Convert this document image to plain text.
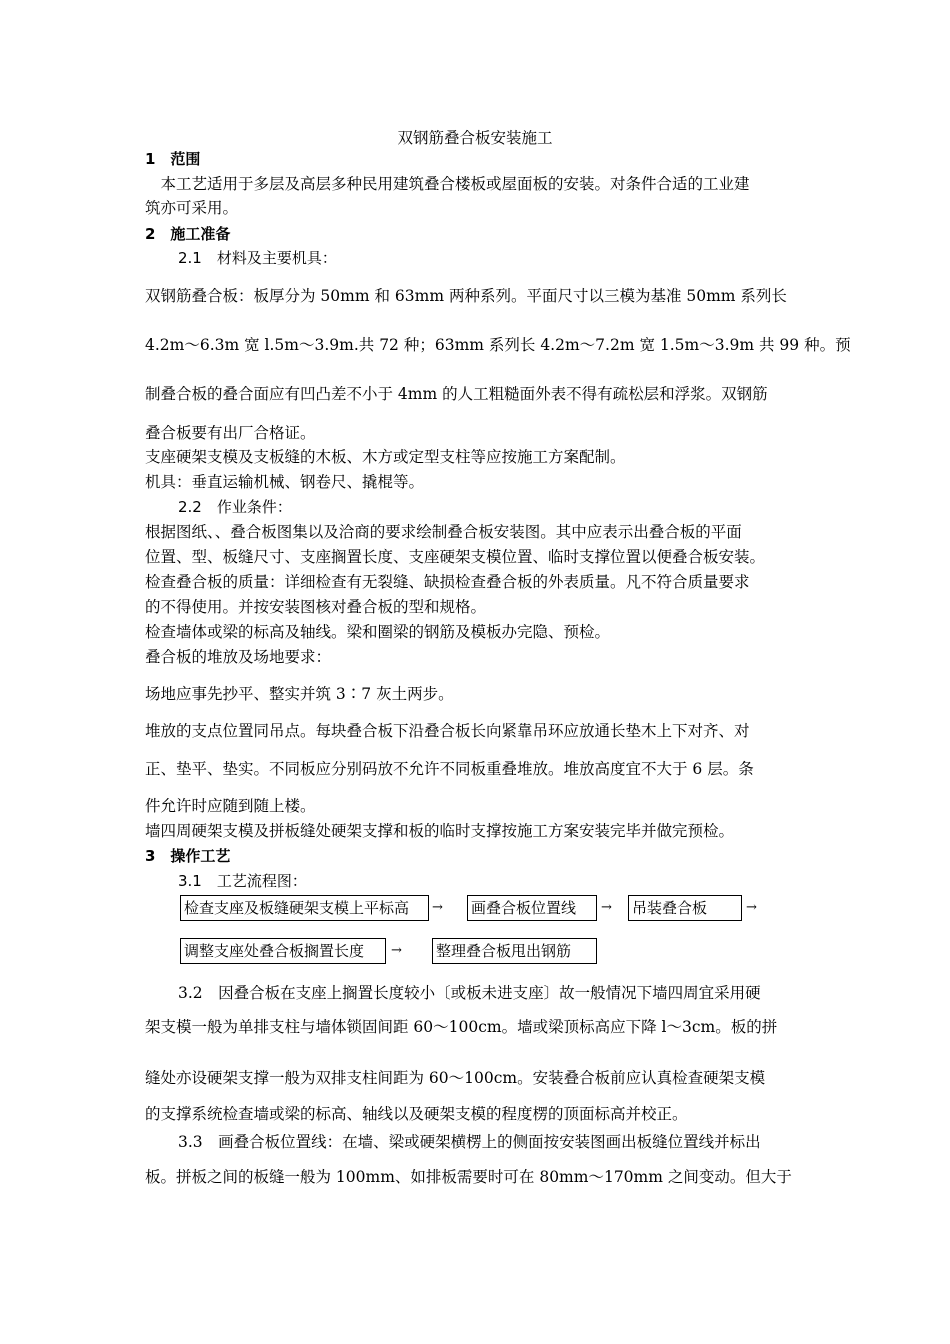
双钢筋叠合板安装施工
1　范围
　本工艺适用于多层及高层多种民用建筑叠合楼板或屋面板的安装。对条件合适的工业建
筑亦可采用。
2　施工准备
2.1　材料及主要机具：
双钢筋叠合板：板厚分为 50mm 和 63mm 两种系列。平面尺寸以三模为基准 50mm 系列长
4.2m～6.3m 宽 l.5m～3.9m.共 72 种；63mm 系列长 4.2m～7.2m 宽 1.5m～3.9m 共 99 种。预
制叠合板的叠合面应有凹凸差不小于 4mm 的人工粗糙面外表不得有疏松层和浮浆。双钢筋
叠合板要有出厂合格证。
支座硬架支模及支板缝的木板、木方或定型支柱等应按施工方案配制。
机具：垂直运输机械、钢卷尺、撬棍等。
2.2　作业条件：
根据图纸、、叠合板图集以及洽商的要求绘制叠合板安装图。其中应表示出叠合板的平面
位置、型、板缝尺寸、支座搁置长度、支座硬架支模位置、临时支撑位置以便叠合板安装。
检查叠合板的质量：详细检查有无裂缝、缺损检查叠合板的外表质量。凡不符合质量要求
的不得使用。并按安装图核对叠合板的型和规格。
检查墙体或梁的标高及轴线。梁和圈梁的钢筋及模板办完隐、预检。
叠合板的堆放及场地要求：
场地应事先抄平、整实并筑 3∶7 灰土两步。
堆放的支点位置同吊点。每块叠合板下沿叠合板长向紧靠吊环应放通长垫木上下对齐、对
正、垫平、垫实。不同板应分别码放不允许不同板重叠堆放。堆放高度宜不大于 6 层。条
件允许时应随到随上楼。
墙四周硬架支模及拼板缝处硬架支撑和板的临时支撑按施工方案安装完毕并做完预检。
3　操作工艺
3.1　工艺流程图：
检查支座及板缝硬架支模上平标高	→ 画叠合板位置线	→ 吊装叠合板	→
调整支座处叠合板搁置长度	→ 整理叠合板甩出钢筋
3.2　因叠合板在支座上搁置长度较小〔或板未进支座〕故一般情况下墙四周宜采用硬
架支模一般为单排支柱与墙体锁固间距 60～100cm。墙或梁顶标高应下降 l～3cm。板的拼
缝处亦设硬架支撑一般为双排支柱间距为 60～100cm。安装叠合板前应认真检查硬架支模
的支撑系统检查墙或梁的标高、轴线以及硬架支模的程度楞的顶面标高并校正。
3.3　画叠合板位置线：在墙、梁或硬架横楞上的侧面按安装图画出板缝位置线并标出
板。拼板之间的板缝一般为 100mm、如排板需要时可在 80mm～170mm 之间变动。但大于
